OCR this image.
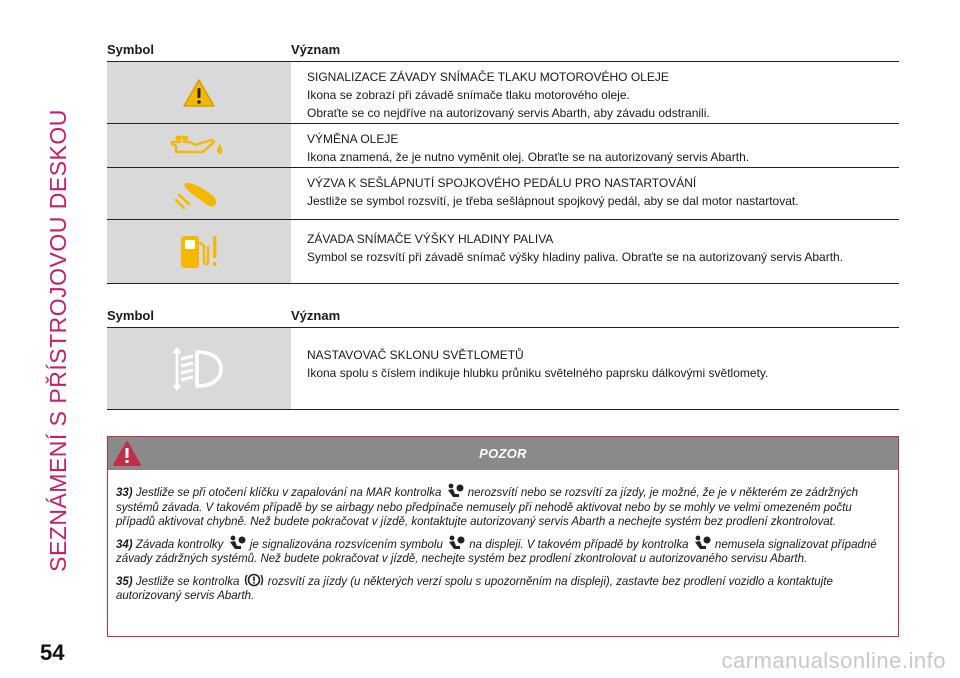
SEZNÁMENÍ S PŘÍSTROJOVOU DESKOU
Symbol	Význam

SIGNALIZACE ZÁVADY SNÍMAČE TLAKU MOTOROVÉHO OLEJE

Ikona se zobrazí při závadě snímače tlaku motorového oleje.

Obraťte se co nejdříve na autorizovaný servis Abarth, aby závadu odstranili.

VÝMĚNA OLEJE

Ikona znamená, že je nutno vyměnit olej. Obraťte se na autorizovaný servis Abarth.

VÝZVA K SEŠLÁPNUTÍ SPOJKOVÉHO PEDÁLU PRO NASTARTOVÁNÍ

Jestliže se symbol rozsvítí, je třeba sešlápnout spojkový pedál, aby se dal motor nastartovat.

ZÁVADA SNÍMAČE VÝŠKY HLADINY PALIVA

Symbol se rozsvítí při závadě snímač výšky hladiny paliva. Obraťte se na autorizovaný servis Abarth.

Symbol	Význam

NASTAVOVAČ SKLONU SVĚTLOMETŮ

Ikona spolu s číslem indikuje hlubku průniku světelného paprsku dálkovými světlomety.

POZOR

33) Jestliže se při otočení klíčku v zapalování na MAR kontrolka nerozsvítí nebo se rozsvítí za jízdy, je možné, že je v některém ze zádržných systémů závada. V takovém případě by se airbagy nebo předpínače nemusely při nehodě aktivovat nebo by se mohly ve velmi omezeném počtu případů aktivovat chybně. Než budete pokračovat v jízdě, kontaktujte autorizovaný servis Abarth a nechejte systém bez prodlení zkontrolovat.

34) Závada kontrolky je signalizována rozsvícením symbolu na displeji. V takovém případě by kontrolka nemusela signalizovat případné závady zádržných systémů. Než budete pokračovat v jízdě, nechejte systém bez prodlení zkontrolovat u autorizovaného servisu Abarth.

35) Jestliže se kontrolka rozsvítí za jízdy (u některých verzí spolu s upozorněním na displeji), zastavte bez prodlení vozidlo a kontaktujte autorizovaný servis Abarth.

54	carmanualsonline.info
